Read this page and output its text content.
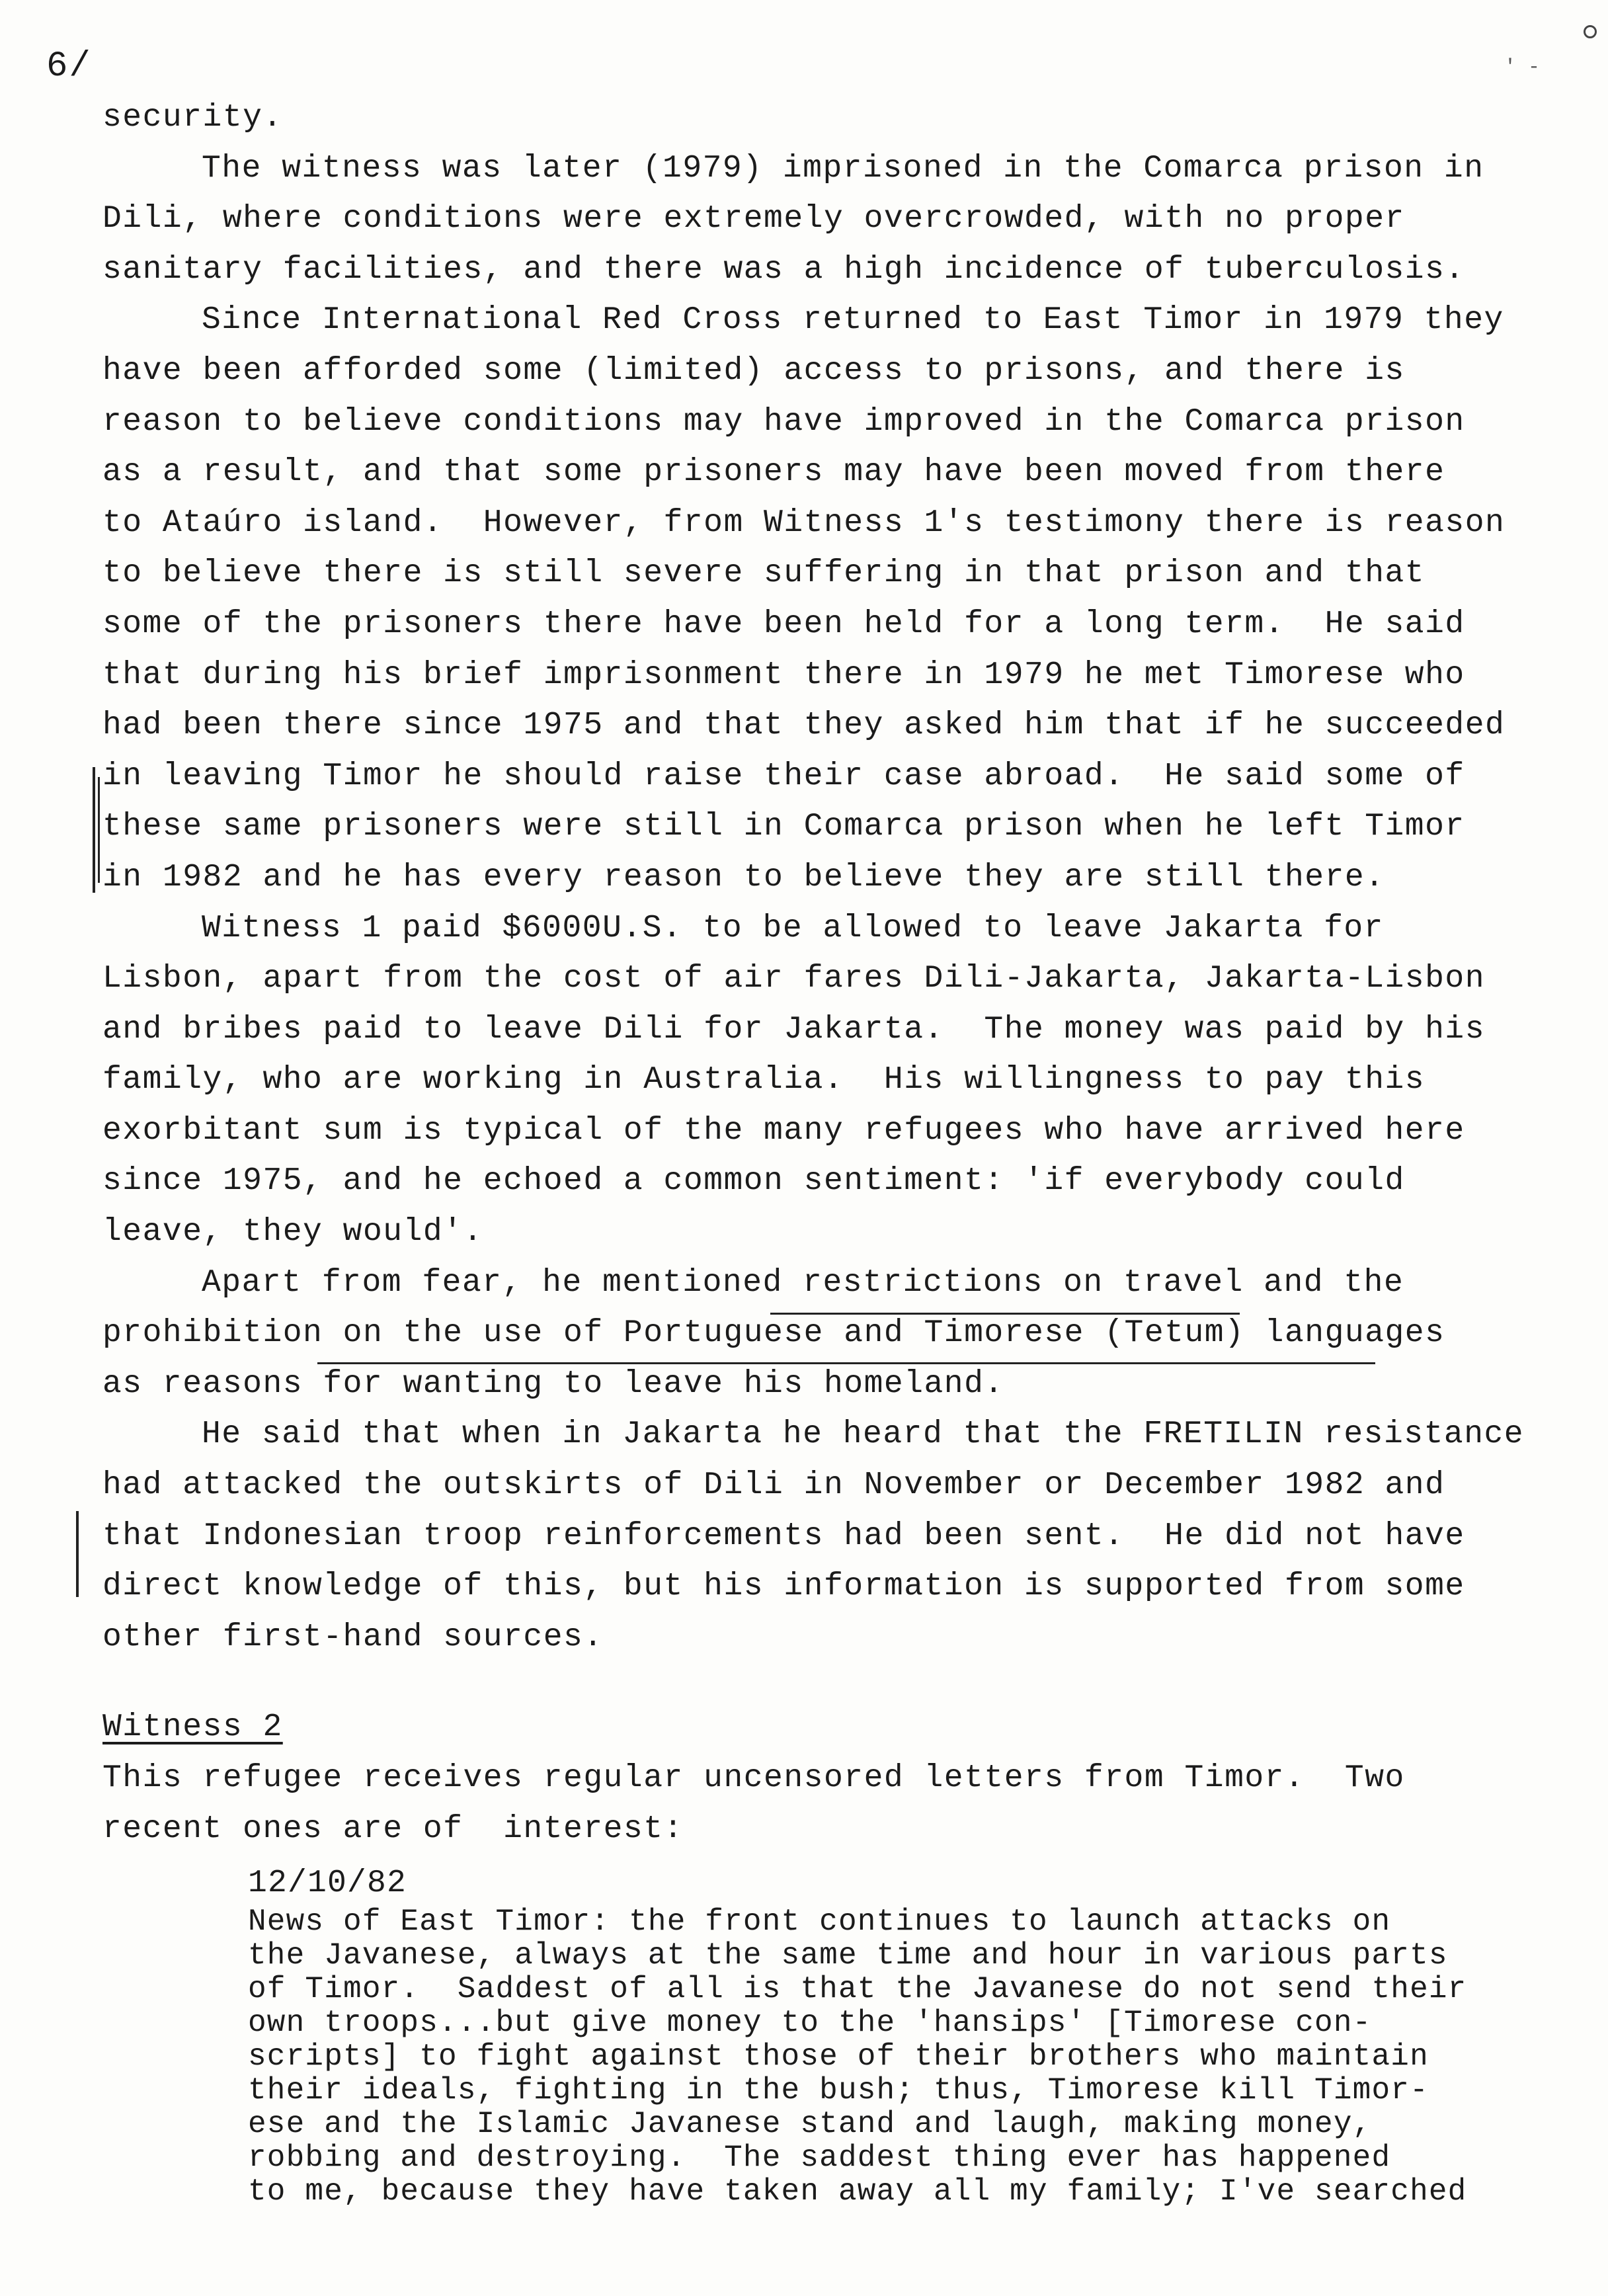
6/	' -
security.
The witness was later (1979) imprisoned in the Comarca prison in
Dili, where conditions were extremely overcrowded, with no proper
sanitary facilities, and there was a high incidence of tuberculosis.
Since International Red Cross returned to East Timor in 1979 they
have been afforded some (limited) access to prisons, and there is
reason to believe conditions may have improved in the Comarca prison
as a result, and that some prisoners may have been moved from there
to Ataúro island.  However, from Witness 1's testimony there is reason
to believe there is still severe suffering in that prison and that
some of the prisoners there have been held for a long term.  He said
that during his brief imprisonment there in 1979 he met Timorese who
had been there since 1975 and that they asked him that if he succeeded
in leaving Timor he should raise their case abroad.  He said some of
these same prisoners were still in Comarca prison when he left Timor
in 1982 and he has every reason to believe they are still there.
Witness 1 paid $6000U.S. to be allowed to leave Jakarta for
Lisbon, apart from the cost of air fares Dili-Jakarta, Jakarta-Lisbon
and bribes paid to leave Dili for Jakarta.  The money was paid by his
family, who are working in Australia.  His willingness to pay this
exorbitant sum is typical of the many refugees who have arrived here
since 1975, and he echoed a common sentiment: 'if everybody could
leave, they would'.
Apart from fear, he mentioned restrictions on travel and the
prohibition on the use of Portuguese and Timorese (Tetum) languages
as reasons for wanting to leave his homeland.
He said that when in Jakarta he heard that the FRETILIN resistance
had attacked the outskirts of Dili in November or December 1982 and
that Indonesian troop reinforcements had been sent.  He did not have
direct knowledge of this, but his information is supported from some
other first-hand sources.
Witness 2
This refugee receives regular uncensored letters from Timor.  Two
recent ones are of  interest:
12/10/82
News of East Timor: the front continues to launch attacks on
the Javanese, always at the same time and hour in various parts
of Timor.  Saddest of all is that the Javanese do not send their
own troops...but give money to the 'hansips' [Timorese con-
scripts] to fight against those of their brothers who maintain
their ideals, fighting in the bush; thus, Timorese kill Timor-
ese and the Islamic Javanese stand and laugh, making money,
robbing and destroying.  The saddest thing ever has happened
to me, because they have taken away all my family; I've searched
